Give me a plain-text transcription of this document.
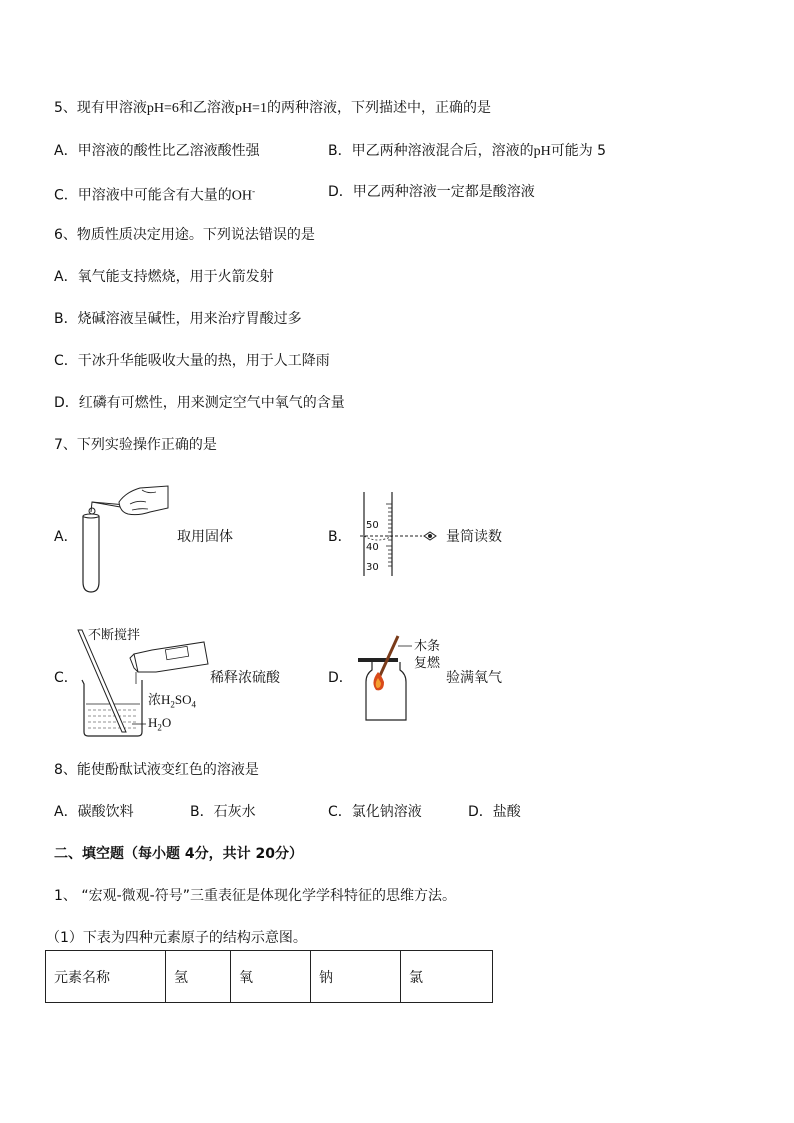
5、现有甲溶液pH=6和乙溶液pH=1的两种溶液，下列描述中，正确的是
A．甲溶液的酸性比乙溶液酸性强	B．甲乙两种溶液混合后，溶液的pH可能为 5
C．甲溶液中可能含有大量的OH-	D．甲乙两种溶液一定都是酸溶液
6、物质性质决定用途。下列说法错误的是
A．氧气能支持燃烧，用于火箭发射
B．烧碱溶液呈碱性，用来治疗胃酸过多
C．干冰升华能吸收大量的热，用于人工降雨
D．红磷有可燃性，用来测定空气中氧气的含量
7、下列实验操作正确的是
A．	取用固体	B．
50
40
30
量筒读数
C．
不断搅拌
浓$H_2SO_4$
$H_2O$
稀释浓硫酸	D．
木条
复燃
验满氧气
8、能使酚酞试液变红色的溶液是
A．碳酸饮料	B．石灰水	C．氯化钠溶液	D．盐酸
二、填空题（每小题 4分，共计 20分）
1、 “宏观-微观-符号”三重表征是体现化学学科特征的思维方法。
（1）下表为四种元素原子的结构示意图。
元素名称	氢	氧	钠	氯
